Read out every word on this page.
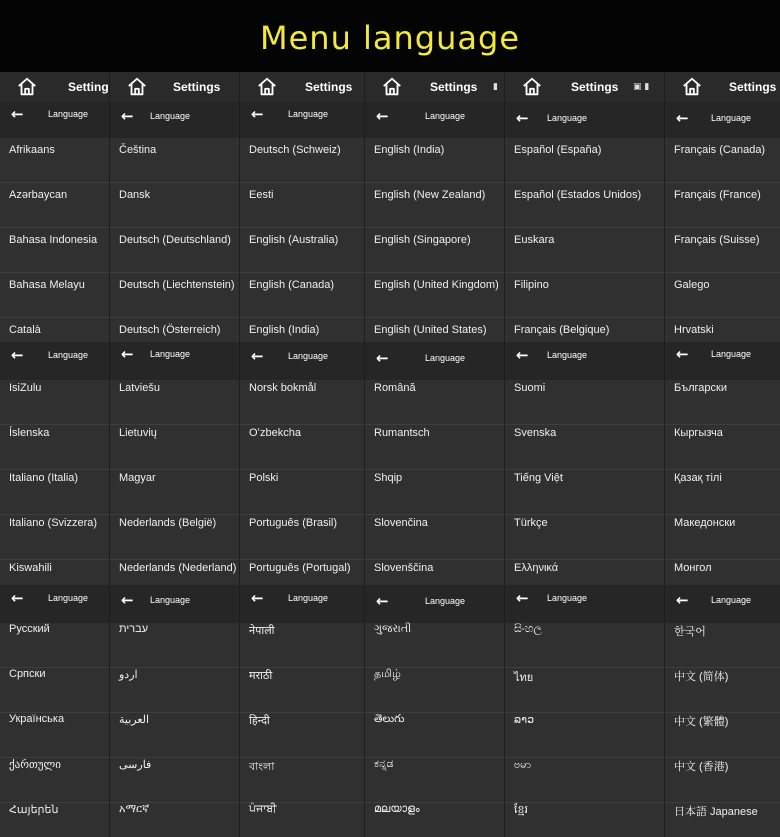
Menu language
Setting	Settings	Settings	Settings ▮	Settings ▣ ▮	Settings
←	Language
Afrikaans
Azərbaycan
Bahasa Indonesia
Bahasa Melayu
Català
←	Language
IsiZulu
Íslenska
Italiano (Italia)
Italiano (Svizzera)
Kiswahili
←	Language
Русский
Српски
Українська
ქართული
Հայերեն
← Language
Čeština
Dansk
Deutsch (Deutschland)
Deutsch (Liechtenstein)
Deutsch (Österreich)
← Language
Latviešu
Lietuvių
Magyar
Nederlands (België)
Nederlands (Nederland)
← Language
עברית
اردو
العربية
فارسی
አማርኛ
←	Language
Deutsch (Schweiz)
Eesti
English (Australia)
English (Canada)
English (India)
←	Language
Norsk bokmål
Oʻzbekcha
Polski
Português (Brasil)
Português (Portugal)
←	Language
नेपाली
मराठी
हिन्दी
বাংলা
ਪੰਜਾਬੀ
←	Language
English (India)
English (New Zealand)
English (Singapore)
English (United Kingdom)
English (United States)
←	Language
Română
Rumantsch
Shqip
Slovenčina
Slovenščina
←	Language
ગુજરાતી
தமிழ்
తెలుగు
ಕನ್ನಡ
മലയാളം
← Language
Español (España)
Español (Estados Unidos)
Euskara
Filipino
Français (Belgique)
← Language
Suomi
Svenska
Tiếng Việt
Türkçe
Ελληνικά
← Language
සිංහල
ไทย
ລາວ
ဗမာ
ខ្មែរ
← Language
Français (Canada)
Français (France)
Français (Suisse)
Galego
Hrvatski
← Language
Български
Кыргызча
Қазақ тілі
Македонски
Монгол
← Language
한국어
中文 (简体)
中文 (繁體)
中文 (香港)
日本語 Japanese
